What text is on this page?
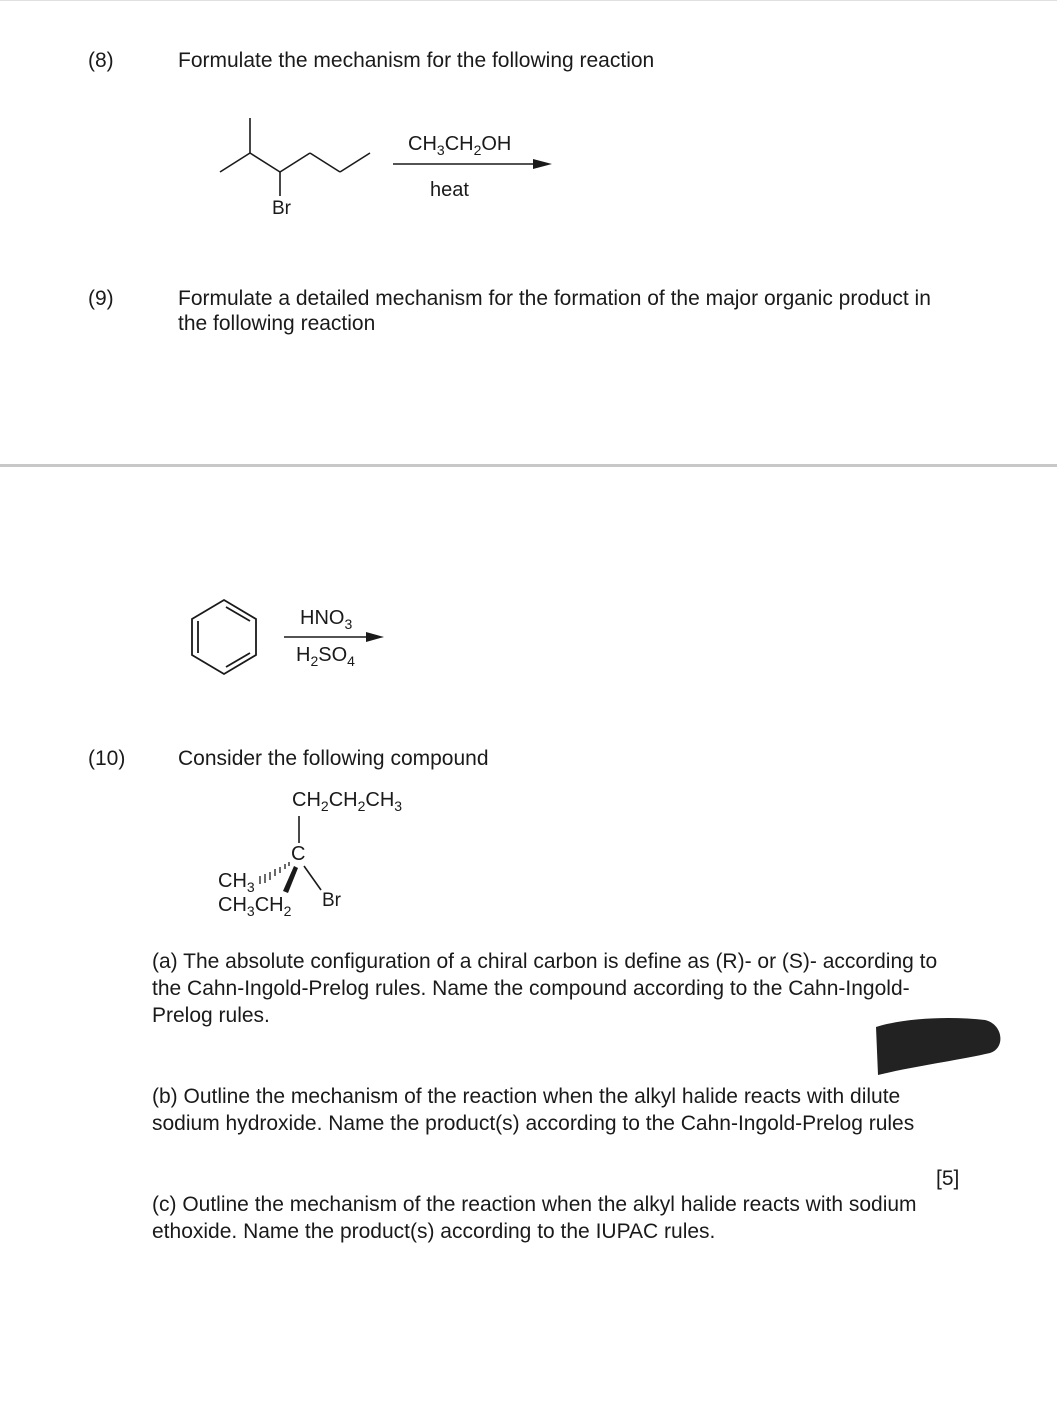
(8)	Formulate the mechanism for the following reaction
Br
$CH_3CH_2OH$
heat
(9)	Formulate a detailed mechanism for the formation of the major organic product in
the following reaction
$HNO_3$
$H_2SO_4$
(10)	Consider the following compound
$CH_2CH_2CH_3$
C
$CH_3$
$CH_3CH_2$ Br
(a) The absolute configuration of a chiral carbon is define as (R)- or (S)- according to
the Cahn-Ingold-Prelog rules. Name the compound according to the Cahn-Ingold-
Prelog rules.
(b) Outline the mechanism of the reaction when the alkyl halide reacts with dilute
sodium hydroxide. Name the product(s) according to the Cahn-Ingold-Prelog rules
[5]
(c) Outline the mechanism of the reaction when the alkyl halide reacts with sodium
ethoxide. Name the product(s) according to the IUPAC rules.
